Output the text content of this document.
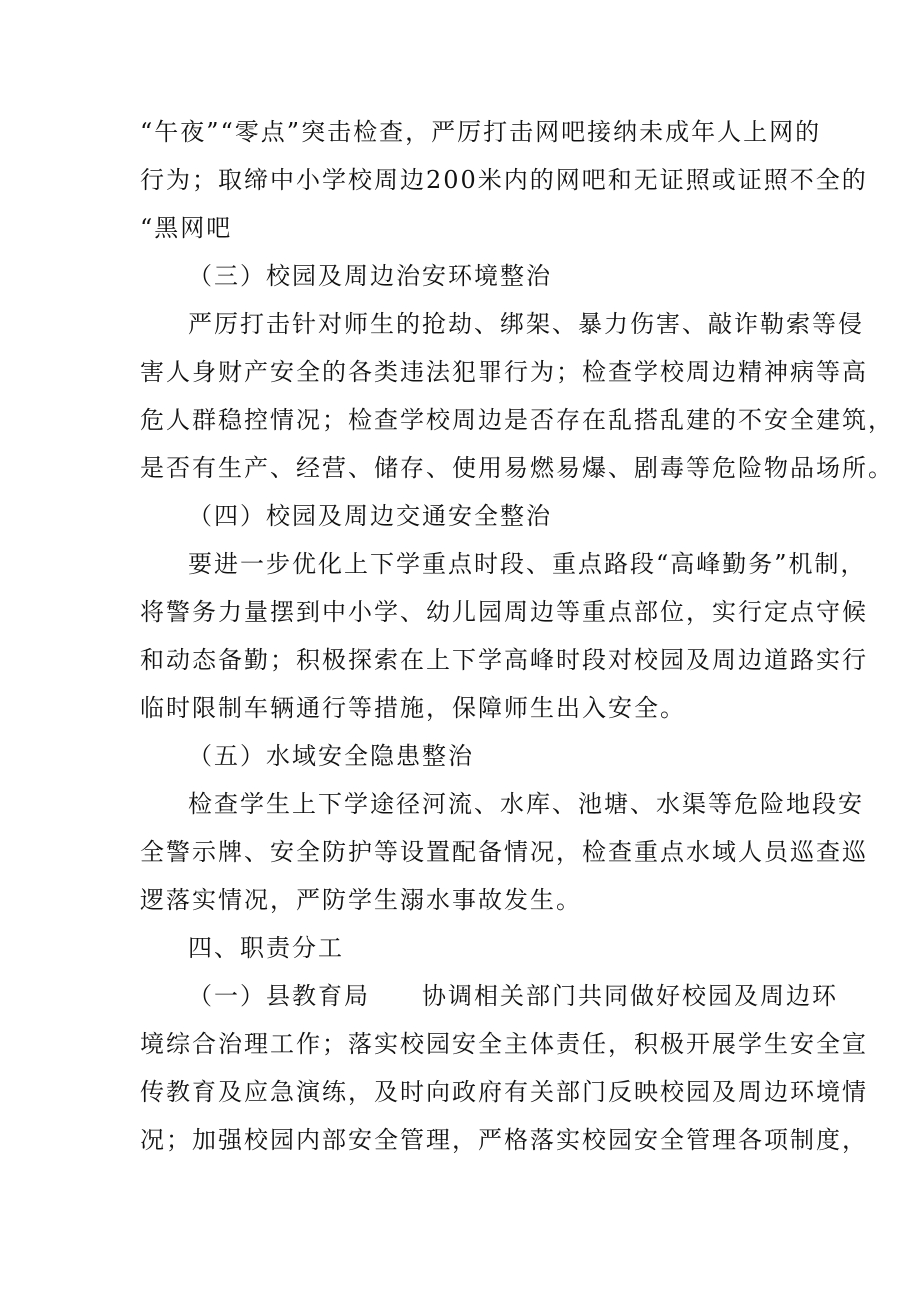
“午夜”“零点”突击检查，严厉打击网吧接纳未成年人上网的
行为；取缔中小学校周边200米内的网吧和无证照或证照不全的
“黑网吧
（三）校园及周边治安环境整治
严厉打击针对师生的抢劫、绑架、暴力伤害、敲诈勒索等侵
害人身财产安全的各类违法犯罪行为；检查学校周边精神病等高
危人群稳控情况；检查学校周边是否存在乱搭乱建的不安全建筑，
是否有生产、经营、储存、使用易燃易爆、剧毒等危险物品场所。
（四）校园及周边交通安全整治
要进一步优化上下学重点时段、重点路段“高峰勤务”机制，
将警务力量摆到中小学、幼儿园周边等重点部位，实行定点守候
和动态备勤；积极探索在上下学高峰时段对校园及周边道路实行
临时限制车辆通行等措施，保障师生出入安全。
（五）水域安全隐患整治
检查学生上下学途径河流、水库、池塘、水渠等危险地段安
全警示牌、安全防护等设置配备情况，检查重点水域人员巡查巡
逻落实情况，严防学生溺水事故发生。
四、职责分工
（一）县教育局 协调相关部门共同做好校园及周边环
境综合治理工作；落实校园安全主体责任，积极开展学生安全宣
传教育及应急演练，及时向政府有关部门反映校园及周边环境情
况；加强校园内部安全管理，严格落实校园安全管理各项制度，
